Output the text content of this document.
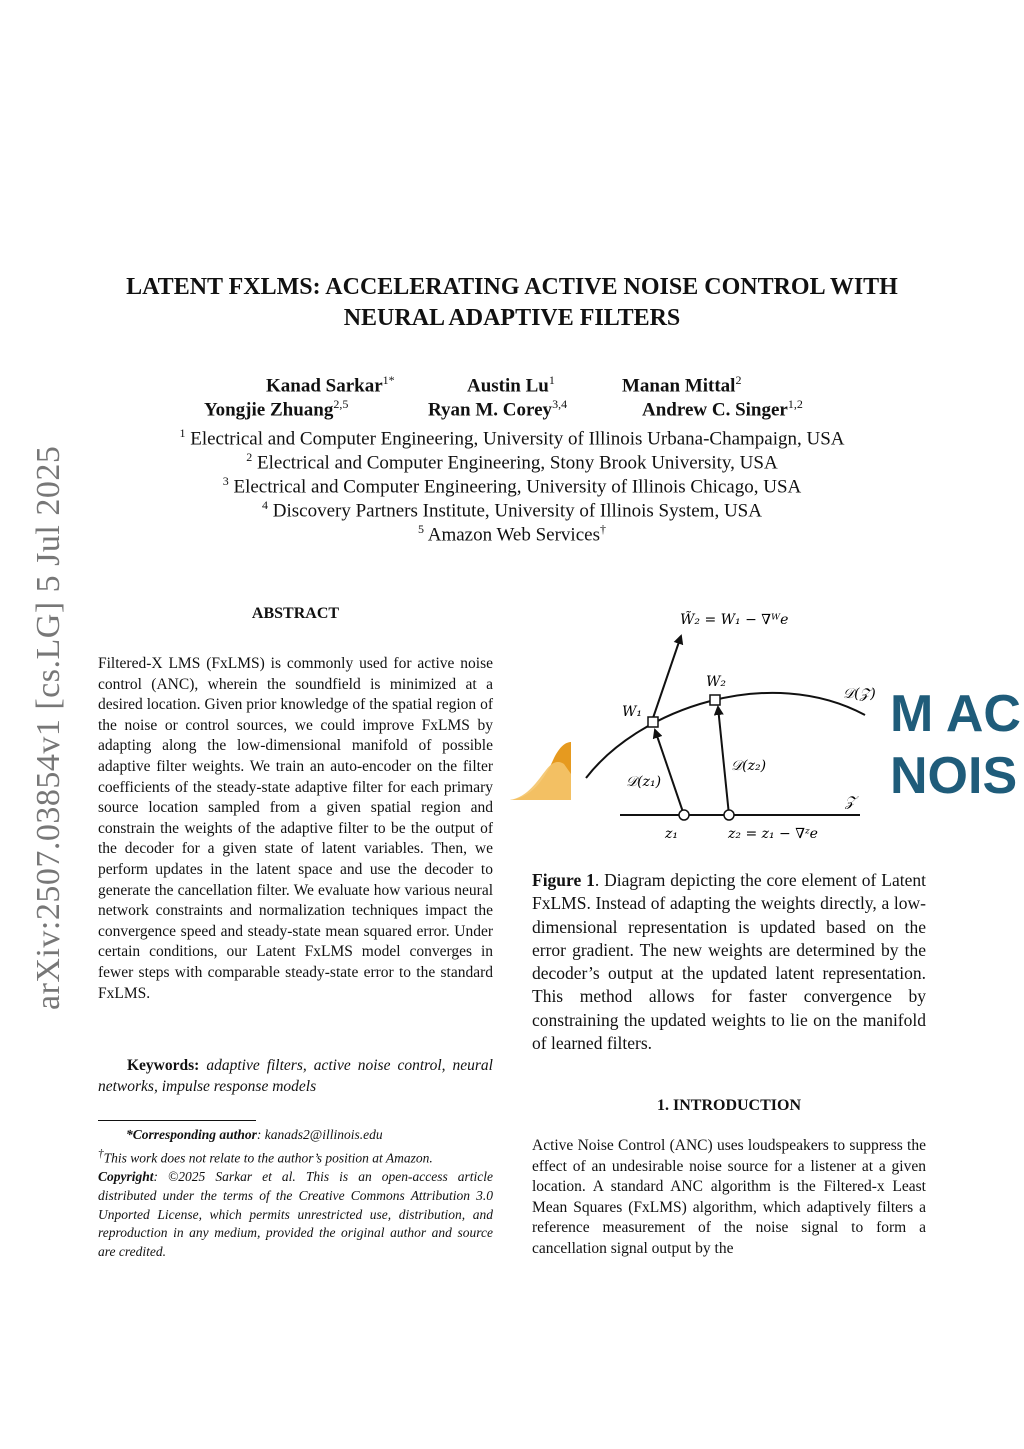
arXiv:2507.03854v1 [cs.LG] 5 Jul 2025
LATENT FXLMS: ACCELERATING ACTIVE NOISE CONTROL WITH
NEURAL ADAPTIVE FILTERS
Kanad Sarkar$^{1*}$	Austin Lu$^1$	Manan Mittal$^2$
Yongjie Zhuang$^{2,5}$	Ryan M. Corey$^{3,4}$	Andrew C. Singer$^{1,2}$
$^1$ Electrical and Computer Engineering, University of Illinois Urbana-Champaign, USA
$^2$ Electrical and Computer Engineering, Stony Brook University, USA
$^3$ Electrical and Computer Engineering, University of Illinois Chicago, USA
$^4$ Discovery Partners Institute, University of Illinois System, USA
$^5$ Amazon Web Services†
ABSTRACT
Filtered-X LMS (FxLMS) is commonly used for active noise control (ANC), wherein the soundfield is minimized at a desired location. Given prior knowledge of the spatial region of the noise or control sources, we could improve FxLMS by adapting along the low-dimensional manifold of possible adaptive filter weights. We train an auto-encoder on the filter coefficients of the steady-state adaptive filter for each primary source location sampled from a given spatial region and constrain the weights of the adaptive filter to be the output of the decoder for a given state of latent variables. Then, we perform updates in the latent space and use the decoder to generate the cancellation filter. We evaluate how various neural network constraints and normalization techniques impact the convergence speed and steady-state mean squared error. Under certain conditions, our Latent FxLMS model converges in fewer steps with comparable steady-state error to the standard FxLMS.
Keywords: adaptive filters, active noise control, neural networks, impulse response models
*Corresponding author: kanads2@illinois.edu
†This work does not relate to the author’s position at Amazon.
Copyright: ©2025 Sarkar et al. This is an open-access article distributed under the terms of the Creative Commons Attribution 3.0 Unported License, which permits unrestricted use, distribution, and reproduction in any medium, provided the original author and source are credited.
M AC
NOIS
W̃₂ = W₁ − ∇ᵂe
W₁
W₂
𝒟(𝒵)
𝒟(z₁)
𝒟(z₂)
𝒵
z₁	z₂ = z₁ − ∇ᶻe
Figure 1. Diagram depicting the core element of Latent FxLMS. Instead of adapting the weights directly, a low-dimensional representation is updated based on the error gradient. The new weights are determined by the decoder’s output at the updated latent representation. This method allows for faster convergence by constraining the updated weights to lie on the manifold of learned filters.
1. INTRODUCTION
Active Noise Control (ANC) uses loudspeakers to suppress the effect of an undesirable noise source for a listener at a given location. A standard ANC algorithm is the Filtered-x Least Mean Squares (FxLMS) algorithm, which adaptively filters a reference measurement of the noise signal to form a cancellation signal output by the
